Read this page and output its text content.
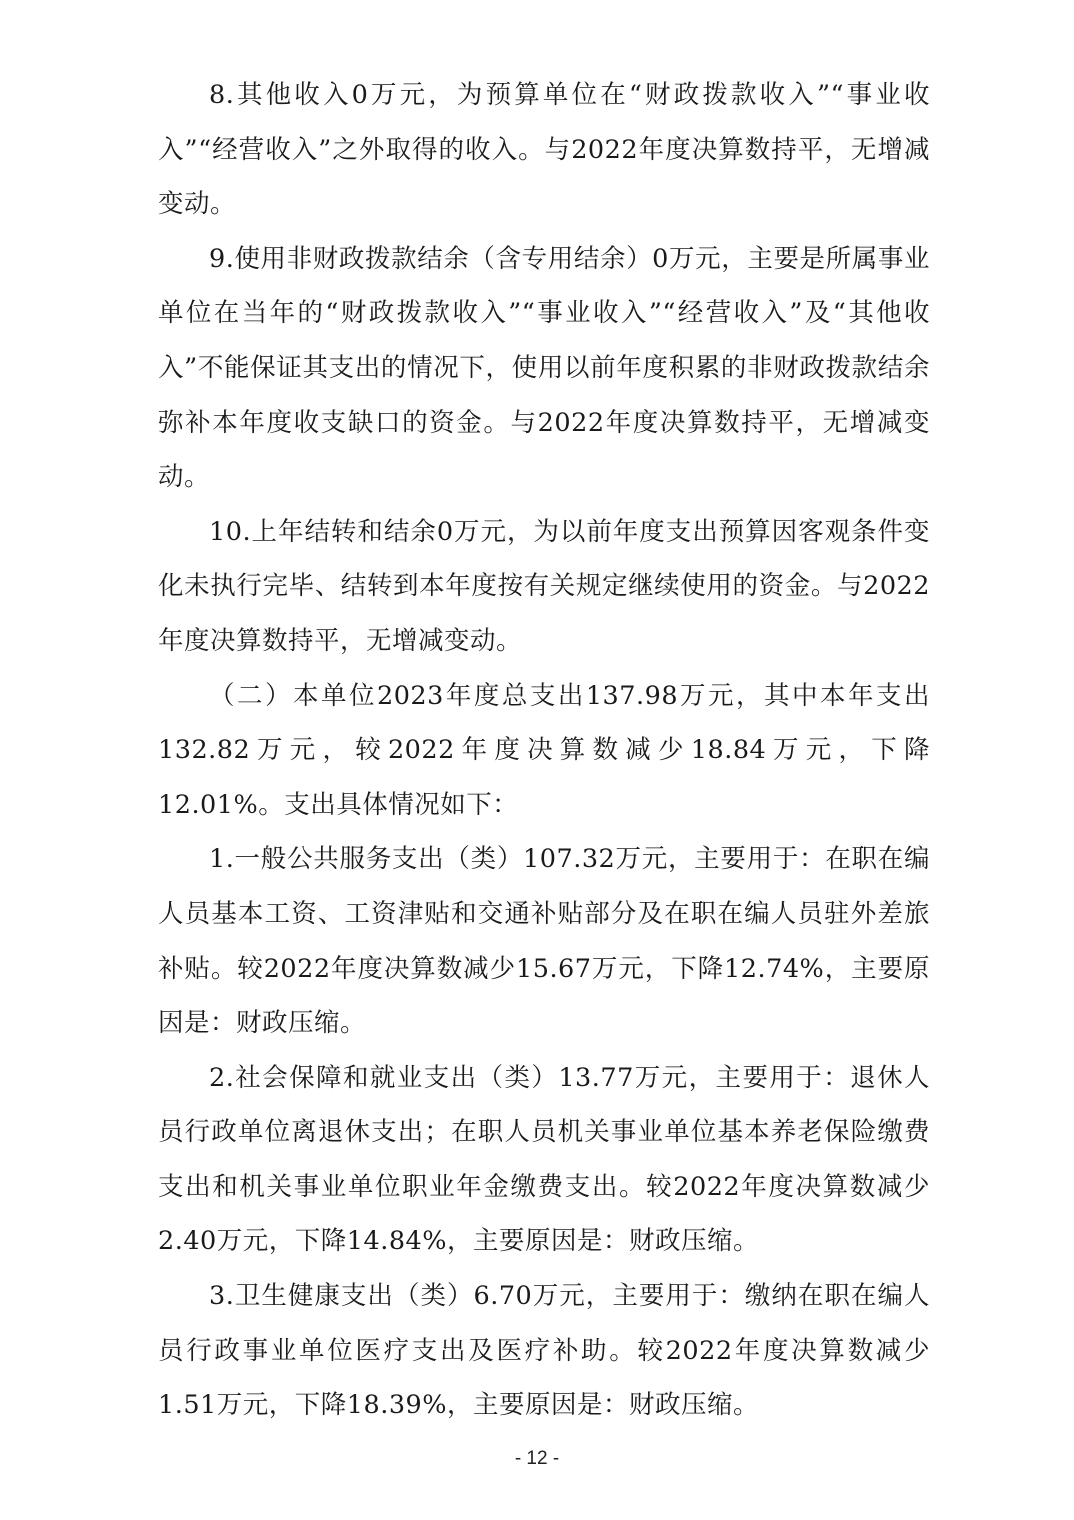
8.其他收入0万元，为预算单位在“财政拨款收入”“事业收入”“经营收入”之外取得的收入。与2022年度决算数持平，无增减变动。

9.使用非财政拨款结余（含专用结余）0万元，主要是所属事业单位在当年的“财政拨款收入”“事业收入”“经营收入”及“其他收入”不能保证其支出的情况下，使用以前年度积累的非财政拨款结余弥补本年度收支缺口的资金。与2022年度决算数持平，无增减变动。

10.上年结转和结余0万元，为以前年度支出预算因客观条件变化未执行完毕、结转到本年度按有关规定继续使用的资金。与2022年度决算数持平，无增减变动。

（二）本单位2023年度总支出137.98万元，其中本年支出132.82万元，较2022年度决算数减少18.84万元，下降12.01%。支出具体情况如下：

1.一般公共服务支出（类）107.32万元，主要用于：在职在编人员基本工资、工资津贴和交通补贴部分及在职在编人员驻外差旅补贴。较2022年度决算数减少15.67万元，下降12.74%，主要原因是：财政压缩。

2.社会保障和就业支出（类）13.77万元，主要用于：退休人员行政单位离退休支出；在职人员机关事业单位基本养老保险缴费支出和机关事业单位职业年金缴费支出。较2022年度决算数减少2.40万元，下降14.84%，主要原因是：财政压缩。

3.卫生健康支出（类）6.70万元，主要用于：缴纳在职在编人员行政事业单位医疗支出及医疗补助。较2022年度决算数减少1.51万元，下降18.39%，主要原因是：财政压缩。

- 12 -
